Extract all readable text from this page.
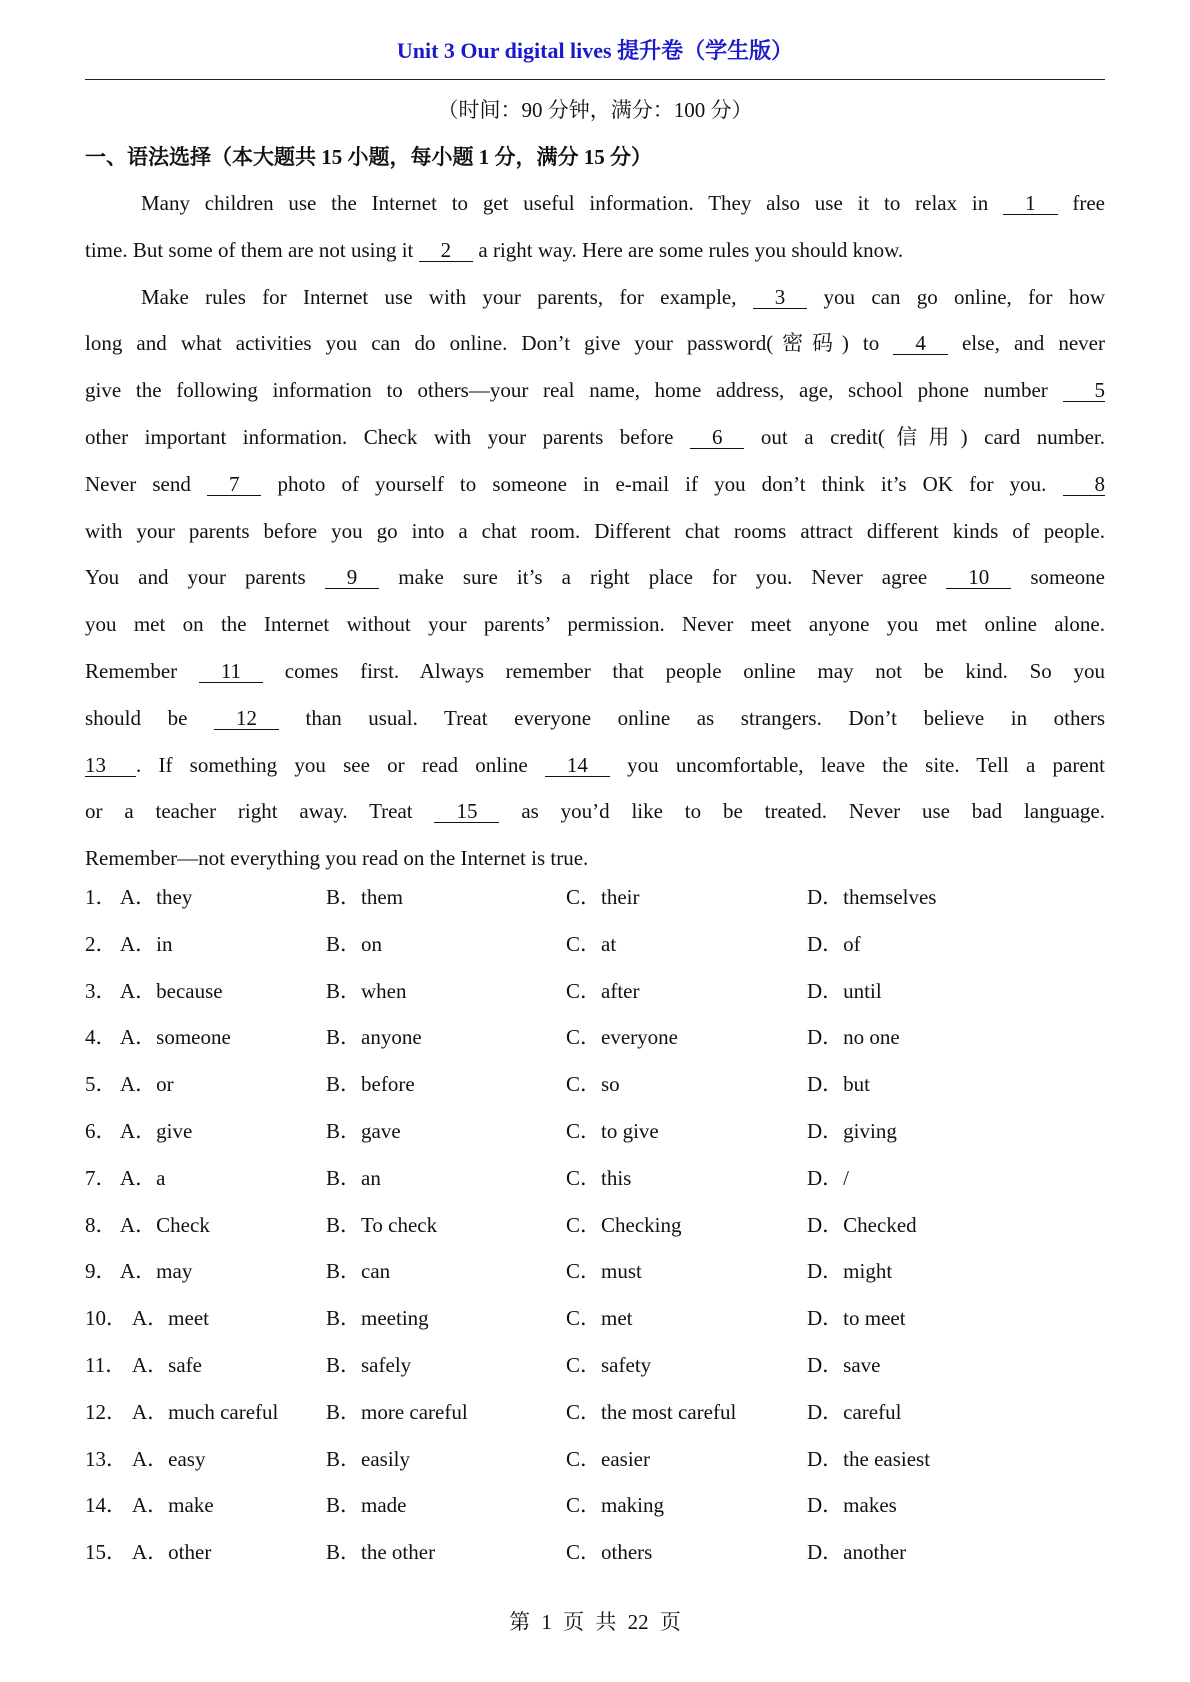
Unit 3 Our digital lives 提升卷（学生版）
（时间：90 分钟，满分：100 分）
一、语法选择（本大题共 15 小题，每小题 1 分，满分 15 分）
Many children use the Internet to get useful information. They also use it to relax in 1 free
time. But some of them are not using it 2 a right way. Here are some rules you should know.
Make rules for Internet use with your parents, for example, 3 you can go online, for how
long and what activities you can do online. Don’t give your password(密码) to 4 else, and never
give the following information to others—your real name, home address, age, school phone number 5
other important information. Check with your parents before 6 out a credit(信用) card number.
Never send 7 photo of yourself to someone in e-mail if you don’t think it’s OK for you. 8
with your parents before you go into a chat room. Different chat rooms attract different kinds of people.
You and your parents 9 make sure it’s a right place for you. Never agree 10 someone
you met on the Internet without your parents’ permission. Never meet anyone you met online alone.
Remember 11 comes first. Always remember that people online may not be kind. So you
should be 12 than usual. Treat everyone online as strangers. Don’t believe in others
13 . If something you see or read online 14 you uncomfortable, leave the site. Tell a parent
or a teacher right away. Treat 15 as you’d like to be treated. Never use bad language.
Remember—not everything you read on the Internet is true.
1． A．they	B．them	C．their	D．themselves
2． A．in	B．on	C．at	D．of
3． A．because	B．when	C．after	D．until
4． A．someone	B．anyone	C．everyone	D．no one
5． A．or	B．before	C．so	D．but
6． A．give	B．gave	C．to give	D．giving
7． A．a	B．an	C．this	D．/
8． A．Check	B．To check	C．Checking	D．Checked
9． A．may	B．can	C．must	D．might
10． A．meet	B．meeting	C．met	D．to meet
11． A．safe	B．safely	C．safety	D．save
12． A．much careful B．more careful	C．the most careful	D．careful
13． A．easy	B．easily	C．easier	D．the easiest
14． A．make	B．made	C．making	D．makes
15． A．other	B．the other	C．others	D．another
第 1 页 共 22 页
